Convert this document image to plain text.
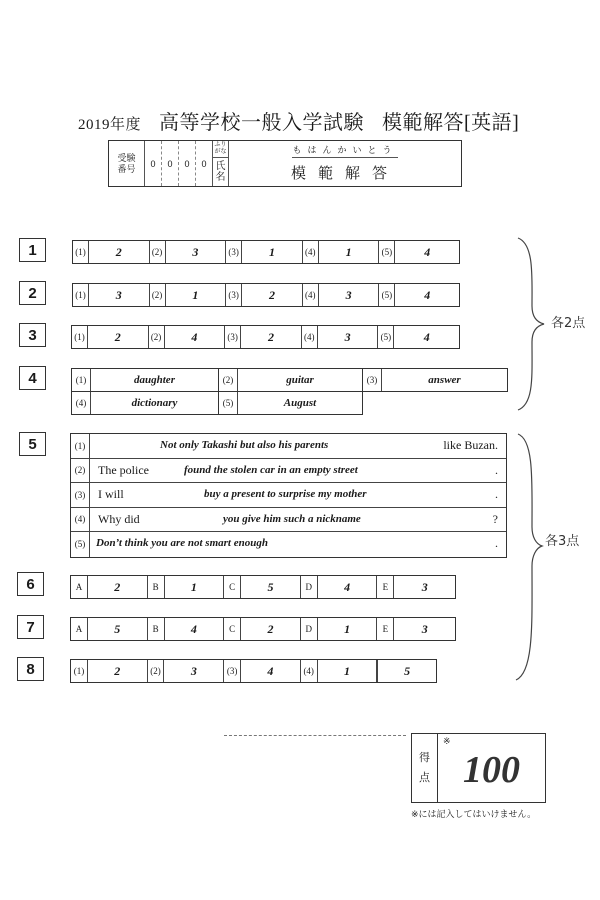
2019年度 高等学校一般入学試験 模範解答[英語]
受験
番号	0	0	0	0
ふり
がな
氏
名
もはんかいとう
模範解答
1	(1)	2	(2)	3	(3)	1	(4)	1	(5)	4
2	(1)	3	(2)	1	(3)	2	(4)	3	(5)	4
3	(1)	2	(2)	4	(3)	2	(4)	3	(5)	4
4	(1)	daughter	(2)	guitar	(3)	answer
(4)	dictionary	(5)	August
5	(1)	Not only Takashi but also his parents	like Buzan.
(2)	The police	found the stolen car in an empty street	.
(3)	I will	buy a present to surprise my mother	.
(4)	Why did	you give him such a nickname	?
(5) Don’t think you are not smart enough	.
6	A	2	B	1	C	5	D	4	E	3
7	A	5	B	4	C	2	D	1	E	3
8	(1)	2	(2)	3	(3)	4	(4)	1	5
各2点
各3点
得
点
※
100
※には記入してはいけません。
